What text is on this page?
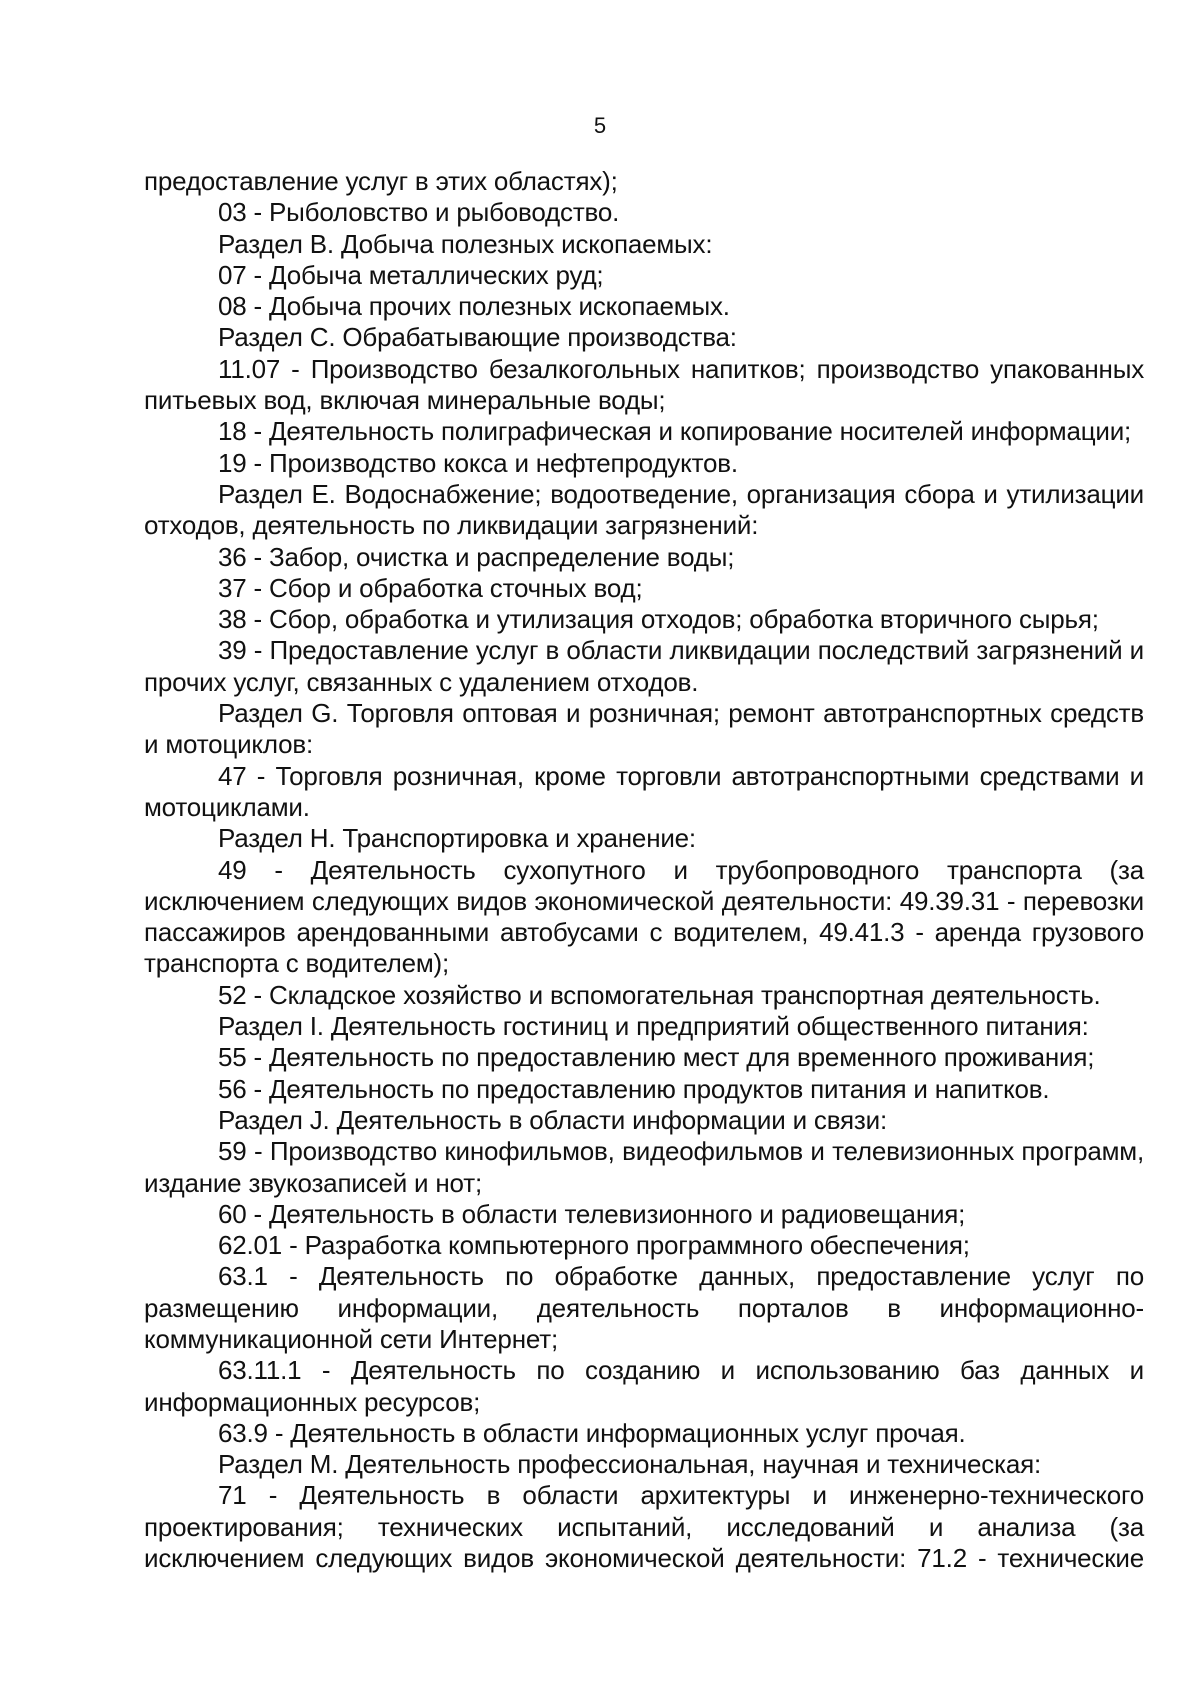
5

предоставление услуг в этих областях);

03 - Рыболовство и рыбоводство.

Раздел B. Добыча полезных ископаемых:

07 - Добыча металлических руд;

08 - Добыча прочих полезных ископаемых.

Раздел C. Обрабатывающие производства:

11.07 - Производство безалкогольных напитков; производство упакованных питьевых вод, включая минеральные воды;

18 - Деятельность полиграфическая и копирование носителей информации;

19 - Производство кокса и нефтепродуктов.

Раздел E. Водоснабжение; водоотведение, организация сбора и утилизации отходов, деятельность по ликвидации загрязнений:

36 - Забор, очистка и распределение воды;

37 - Сбор и обработка сточных вод;

38 - Сбор, обработка и утилизация отходов; обработка вторичного сырья;

39 - Предоставление услуг в области ликвидации последствий загрязнений и прочих услуг, связанных с удалением отходов.

Раздел G. Торговля оптовая и розничная; ремонт автотранспортных средств и мотоциклов:

47 - Торговля розничная, кроме торговли автотранспортными средствами и мотоциклами.

Раздел H. Транспортировка и хранение:

49 - Деятельность сухопутного и трубопроводного транспорта (за исключением следующих видов экономической деятельности: 49.39.31 - перевозки пассажиров арендованными автобусами с водителем, 49.41.3 - аренда грузового транспорта с водителем);

52 - Складское хозяйство и вспомогательная транспортная деятельность.

Раздел I. Деятельность гостиниц и предприятий общественного питания:

55 - Деятельность по предоставлению мест для временного проживания;

56 - Деятельность по предоставлению продуктов питания и напитков.

Раздел J. Деятельность в области информации и связи:

59 - Производство кинофильмов, видеофильмов и телевизионных программ, издание звукозаписей и нот;

60 - Деятельность в области телевизионного и радиовещания;

62.01 - Разработка компьютерного программного обеспечения;

63.1 - Деятельность по обработке данных, предоставление услуг по размещению информации, деятельность порталов в информационно-коммуникационной сети Интернет;

63.11.1 - Деятельность по созданию и использованию баз данных и информационных ресурсов;

63.9 - Деятельность в области информационных услуг прочая.

Раздел M. Деятельность профессиональная, научная и техническая:

71 - Деятельность в области архитектуры и инженерно-технического проектирования; технических испытаний, исследований и анализа (за исключением следующих видов экономической деятельности: 71.2 - технические
